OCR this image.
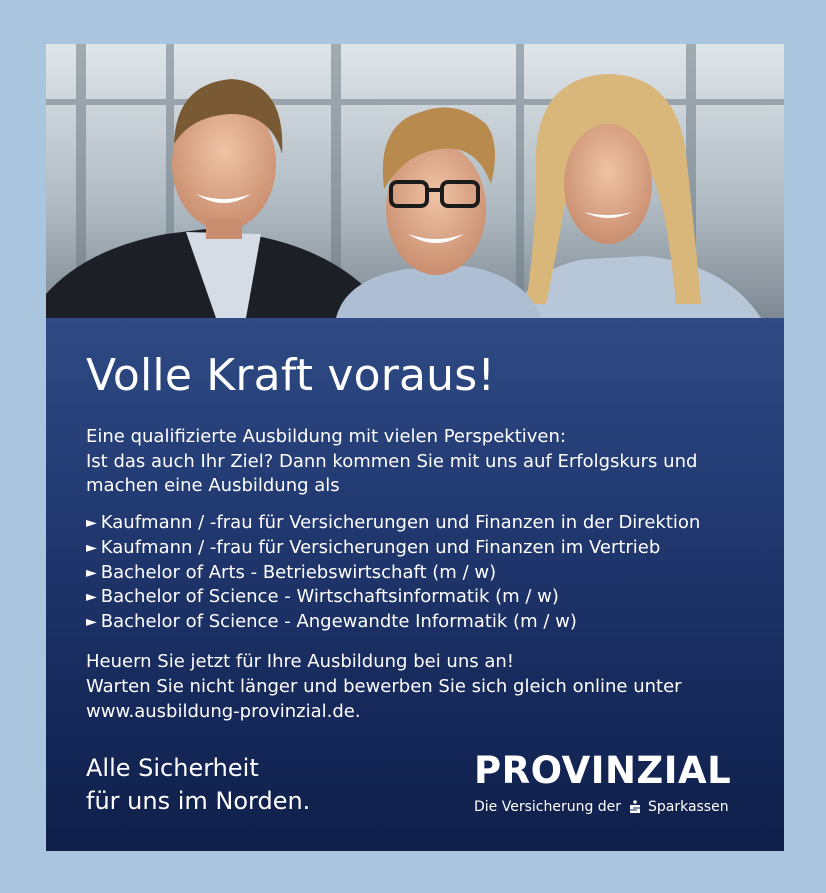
Volle Kraft voraus!
Eine qualifizierte Ausbildung mit vielen Perspektiven:
Ist das auch Ihr Ziel? Dann kommen Sie mit uns auf Erfolgskurs und
machen eine Ausbildung als
► Kaufmann / -frau für Versicherungen und Finanzen in der Direktion
► Kaufmann / -frau für Versicherungen und Finanzen im Vertrieb
► Bachelor of Arts - Betriebswirtschaft (m / w)
► Bachelor of Science - Wirtschaftsinformatik (m / w)
► Bachelor of Science - Angewandte Informatik (m / w)
Heuern Sie jetzt für Ihre Ausbildung bei uns an!
Warten Sie nicht länger und bewerben Sie sich gleich online unter
www.ausbildung-provinzial.de.
Alle Sicherheit
für uns im Norden.
PROVINZIAL
Die Versicherung der Sparkassen
